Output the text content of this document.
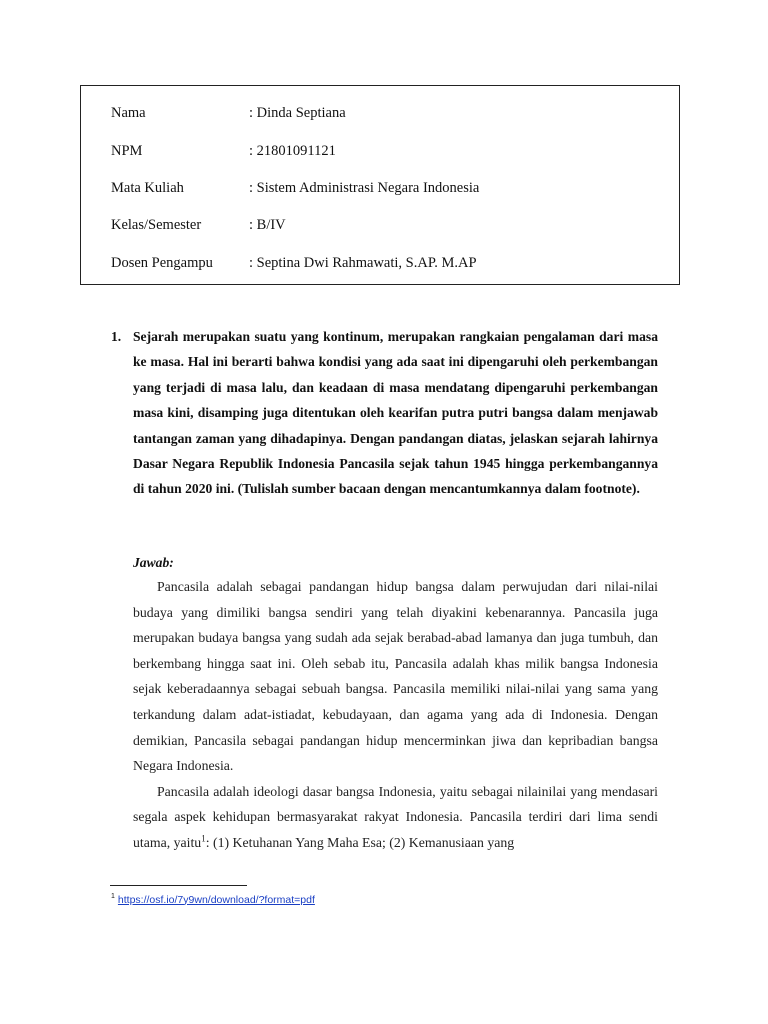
Nama	: Dinda Septiana
NPM	: 21801091121
Mata Kuliah	: Sistem Administrasi Negara Indonesia
Kelas/Semester	: B/IV
Dosen Pengampu : Septina Dwi Rahmawati, S.AP. M.AP
1. Sejarah merupakan suatu yang kontinum, merupakan rangkaian pengalaman dari masa ke masa. Hal ini berarti bahwa kondisi yang ada saat ini dipengaruhi oleh perkembangan yang terjadi di masa lalu, dan keadaan di masa mendatang dipengaruhi perkembangan masa kini, disamping juga ditentukan oleh kearifan putra putri bangsa dalam menjawab tantangan zaman yang dihadapinya. Dengan pandangan diatas, jelaskan sejarah lahirnya Dasar Negara Republik Indonesia Pancasila sejak tahun 1945 hingga perkembangannya di tahun 2020 ini. (Tulislah sumber bacaan dengan mencantumkannya dalam footnote).
Jawab:

Pancasila adalah sebagai pandangan hidup bangsa dalam perwujudan dari nilai-nilai budaya yang dimiliki bangsa sendiri yang telah diyakini kebenarannya. Pancasila juga merupakan budaya bangsa yang sudah ada sejak berabad-abad lamanya dan juga tumbuh, dan berkembang hingga saat ini. Oleh sebab itu, Pancasila adalah khas milik bangsa Indonesia sejak keberadaannya sebagai sebuah bangsa. Pancasila memiliki nilai-nilai yang sama yang terkandung dalam adat-istiadat, kebudayaan, dan agama yang ada di Indonesia. Dengan demikian, Pancasila sebagai pandangan hidup mencerminkan jiwa dan kepribadian bangsa Negara Indonesia.

Pancasila adalah ideologi dasar bangsa Indonesia, yaitu sebagai nilainilai yang mendasari segala aspek kehidupan bermasyarakat rakyat Indonesia. Pancasila terdiri dari lima sendi utama, yaitu$^1$: (1) Ketuhanan Yang Maha Esa; (2) Kemanusiaan yang

$^1$ https://osf.io/7y9wn/download/?format=pdf
